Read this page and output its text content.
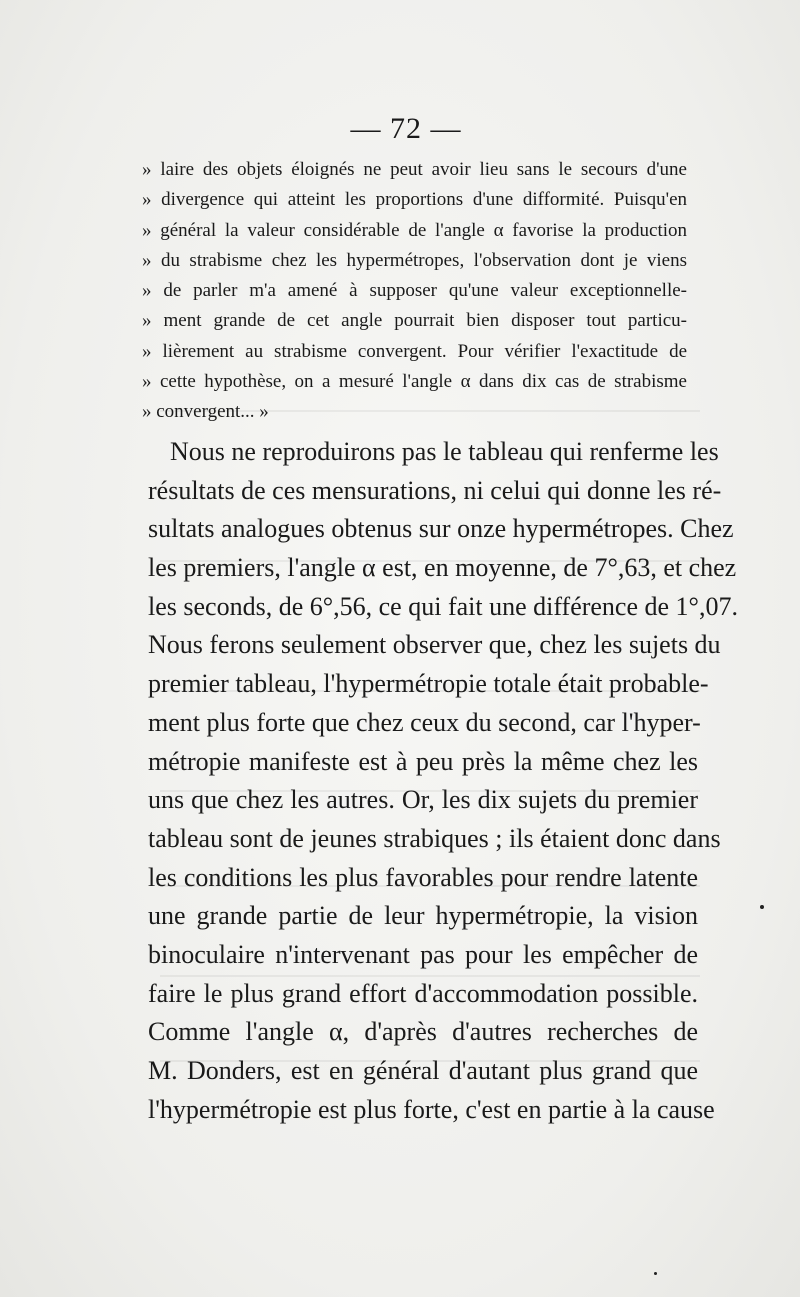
— 72 —
» laire des objets éloignés ne peut avoir lieu sans le secours d'une
» divergence qui atteint les proportions d'une difformité. Puisqu'en
» général la valeur considérable de l'angle α favorise la production
» du strabisme chez les hypermétropes, l'observation dont je viens
» de parler m'a amené à supposer qu'une valeur exceptionnelle-
» ment grande de cet angle pourrait bien disposer tout particu-
» lièrement au strabisme convergent. Pour vérifier l'exactitude de
» cette hypothèse, on a mesuré l'angle α dans dix cas de strabisme
» convergent... »
Nous ne reproduirons pas le tableau qui renferme les
résultats de ces mensurations, ni celui qui donne les ré-
sultats analogues obtenus sur onze hypermétropes. Chez
les premiers, l'angle α est, en moyenne, de 7°,63, et chez
les seconds, de 6°,56, ce qui fait une différence de 1°,07.
Nous ferons seulement observer que, chez les sujets du
premier tableau, l'hypermétropie totale était probable-
ment plus forte que chez ceux du second, car l'hyper-
métropie manifeste est à peu près la même chez les
uns que chez les autres. Or, les dix sujets du premier
tableau sont de jeunes strabiques ; ils étaient donc dans
les conditions les plus favorables pour rendre latente
une grande partie de leur hypermétropie, la vision
binoculaire n'intervenant pas pour les empêcher de
faire le plus grand effort d'accommodation possible.
Comme l'angle α, d'après d'autres recherches de
M. Donders, est en général d'autant plus grand que
l'hypermétropie est plus forte, c'est en partie à la cause
